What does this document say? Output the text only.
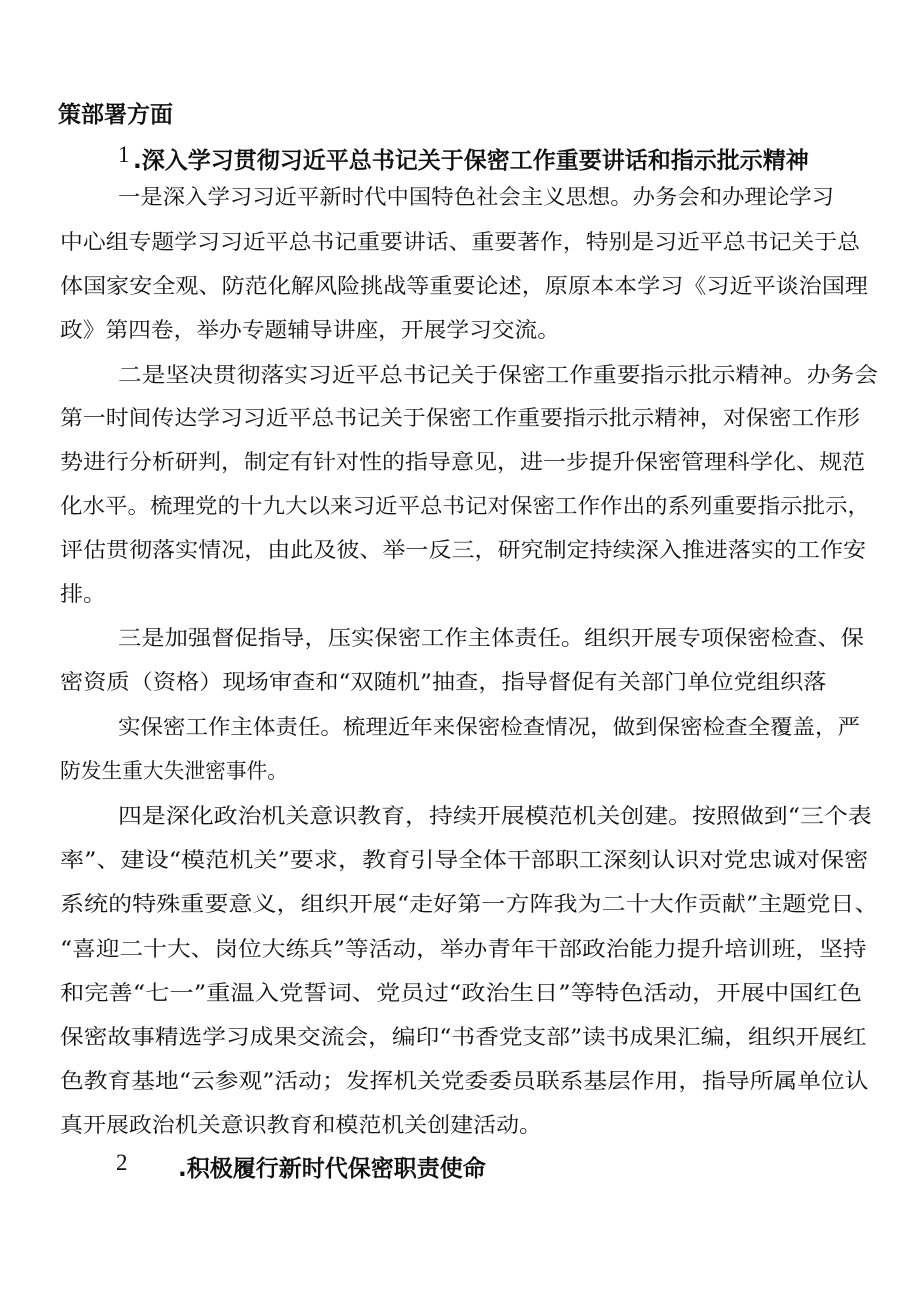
策部署方面
1 .深入学习贯彻习近平总书记关于保密工作重要讲话和指示批示精神
一是深入学习习近平新时代中国特色社会主义思想。办务会和办理论学习
中心组专题学习习近平总书记重要讲话、重要著作，特别是习近平总书记关于总
体国家安全观、防范化解风险挑战等重要论述，原原本本学习《习近平谈治国理
政》第四卷，举办专题辅导讲座，开展学习交流。
二是坚决贯彻落实习近平总书记关于保密工作重要指示批示精神。办务会
第一时间传达学习习近平总书记关于保密工作重要指示批示精神，对保密工作形
势进行分析研判，制定有针对性的指导意见，进一步提升保密管理科学化、规范
化水平。梳理党的十九大以来习近平总书记对保密工作作出的系列重要指示批示，
评估贯彻落实情况，由此及彼、举一反三，研究制定持续深入推进落实的工作安
排。
三是加强督促指导，压实保密工作主体责任。组织开展专项保密检查、保
密资质（资格）现场审查和“双随机”抽查，指导督促有关部门单位党组织落
实保密工作主体责任。梳理近年来保密检查情况，做到保密检查全覆盖，严
防发生重大失泄密事件。
四是深化政治机关意识教育，持续开展模范机关创建。按照做到“三个表
率”、建设“模范机关”要求，教育引导全体干部职工深刻认识对党忠诚对保密
系统的特殊重要意义，组织开展“走好第一方阵我为二十大作贡献”主题党日、
“喜迎二十大、岗位大练兵”等活动，举办青年干部政治能力提升培训班，坚持
和完善“七一”重温入党誓词、党员过“政治生日”等特色活动，开展中国红色
保密故事精选学习成果交流会，编印“书香党支部”读书成果汇编，组织开展红
色教育基地“云参观”活动；发挥机关党委委员联系基层作用，指导所属单位认
真开展政治机关意识教育和模范机关创建活动。
2 .积极履行新时代保密职责使命
